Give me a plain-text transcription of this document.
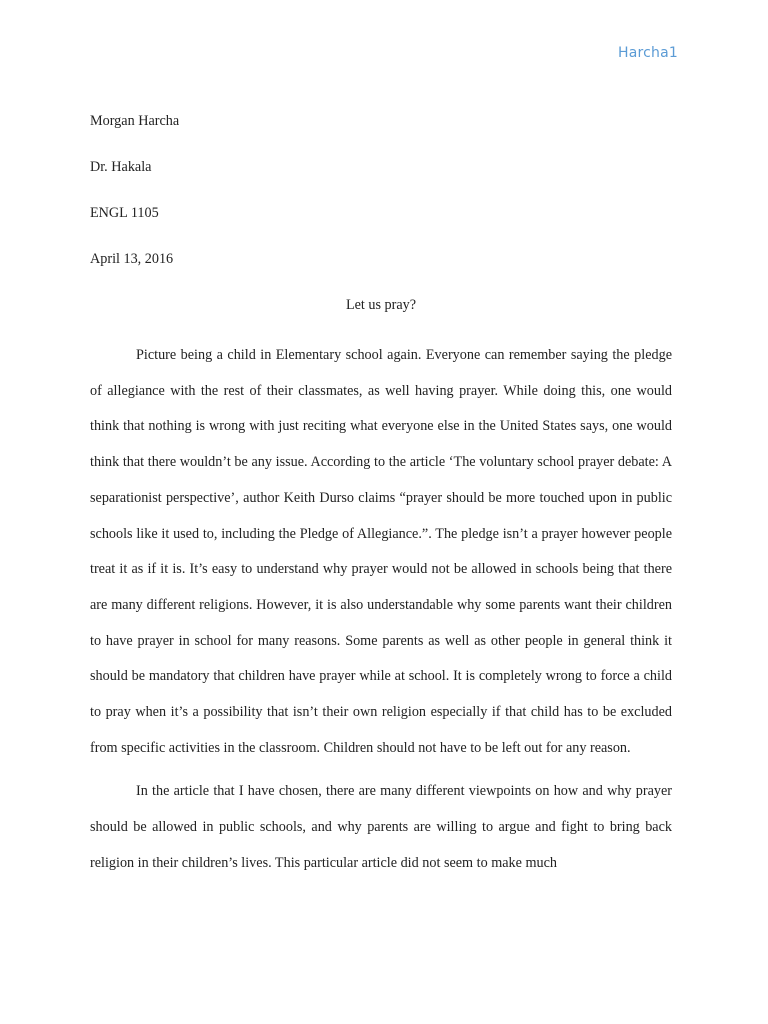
Harcha1
Morgan Harcha
Dr. Hakala
ENGL 1105
April 13, 2016
Let us pray?

Picture being a child in Elementary school again. Everyone can remember saying the pledge of allegiance with the rest of their classmates, as well having prayer. While doing this, one would think that nothing is wrong with just reciting what everyone else in the United States says, one would think that there wouldn’t be any issue. According to the article ‘The voluntary school prayer debate: A separationist perspective’, author Keith Durso claims “prayer should be more touched upon in public schools like it used to, including the Pledge of Allegiance.”. The pledge isn’t a prayer however people treat it as if it is. It’s easy to understand why prayer would not be allowed in schools being that there are many different religions. However, it is also understandable why some parents want their children to have prayer in school for many reasons. Some parents as well as other people in general think it should be mandatory that children have prayer while at school. It is completely wrong to force a child to pray when it’s a possibility that isn’t their own religion especially if that child has to be excluded from specific activities in the classroom. Children should not have to be left out for any reason.

In the article that I have chosen, there are many different viewpoints on how and why prayer should be allowed in public schools, and why parents are willing to argue and fight to bring back religion in their children’s lives. This particular article did not seem to make much
